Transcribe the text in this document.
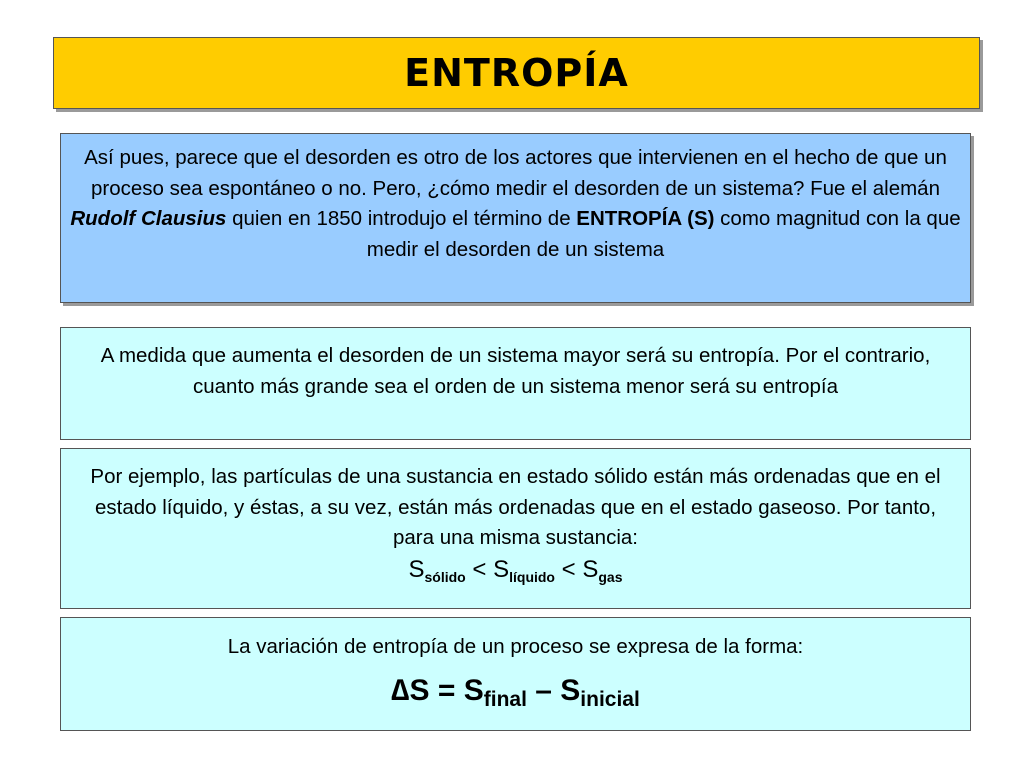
ENTROPÍA
Así pues, parece que el desorden es otro de los actores que intervienen en el hecho de que un proceso sea espontáneo o no. Pero, ¿cómo medir el desorden de un sistema? Fue el alemán Rudolf Clausius quien en 1850 introdujo el término de ENTROPÍA (S) como magnitud con la que medir el desorden de un sistema
A medida que aumenta el desorden de un sistema mayor será su entropía. Por el contrario, cuanto más grande sea el orden de un sistema menor será su entropía
Por ejemplo, las partículas de una sustancia en estado sólido están más ordenadas que en el estado líquido, y éstas, a su vez, están más ordenadas que en el estado gaseoso. Por tanto, para una misma sustancia:
$S_{sólido} < S_{líquido} < S_{gas}$
La variación de entropía de un proceso se expresa de la forma:
$\Delta S = S_{final} - S_{inicial}$
